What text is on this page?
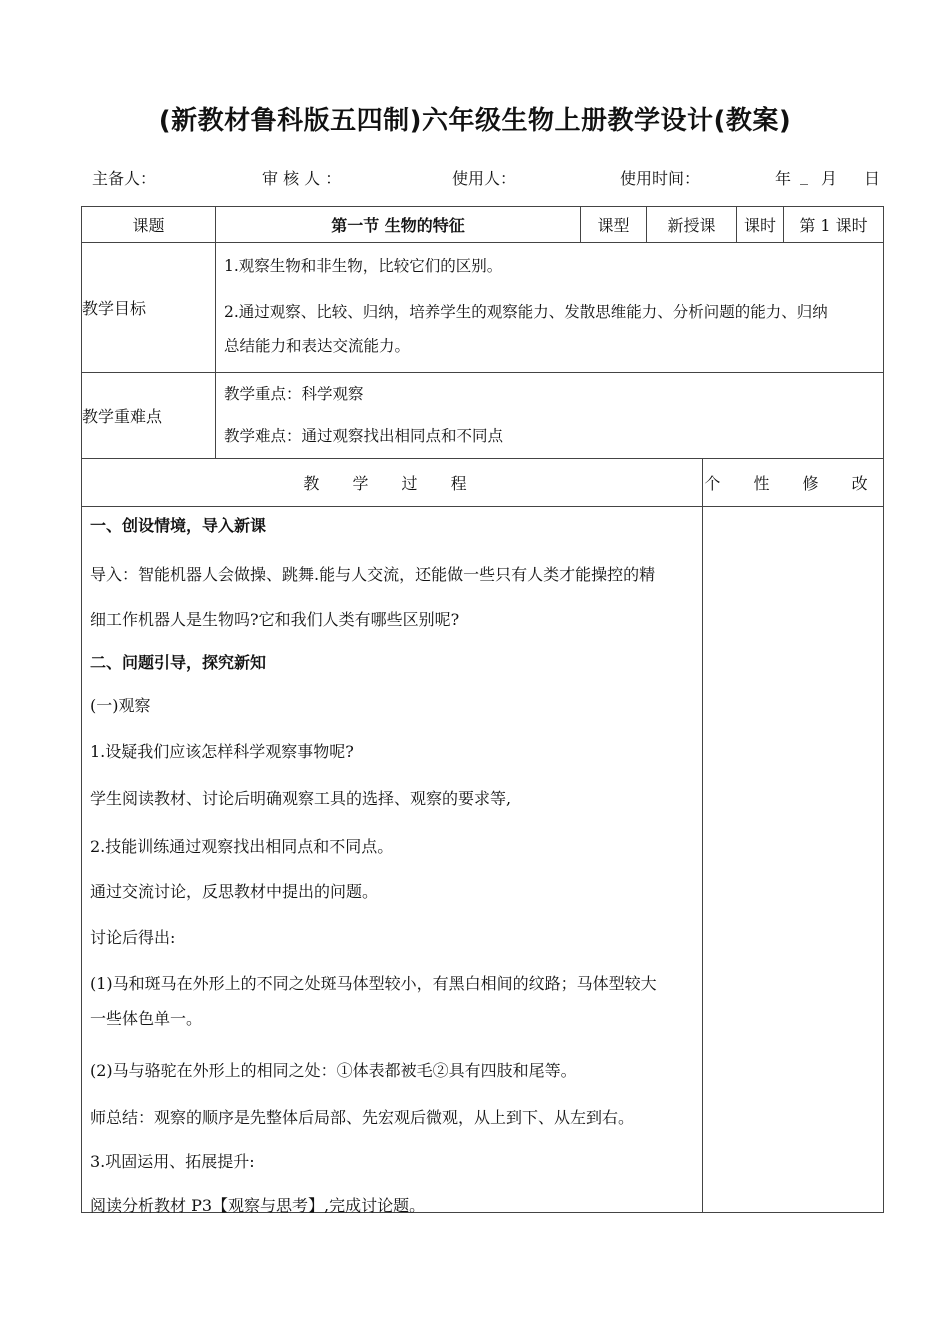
(新教材鲁科版五四制)六年级生物上册教学设计(教案)
主备人：	审 核 人 ：	使用人：	使用时间：	年 _ 月 日
课题	第一节 生物的特征	课型	新授课		课时	第 1 课时
教学目标	1.观察生物和非生物，比较它们的区别。
2.通过观察、比较、归纳，培养学生的观察能力、发散思维能力、分析问题的能力、归纳
总结能力和表达交流能力。					

教学重难点	教学重点：科学观察
教学难点：通过观察找出相同点和不同点					

教 学 过 程				个 性 修 改		

一、创设情境，导入新课
导入：智能机器人会做操、跳舞.能与人交流，还能做一些只有人类才能操控的精
细工作机器人是生物吗?它和我们人类有哪些区别呢?
二、问题引导，探究新知
(一)观察
1.设疑我们应该怎样科学观察事物呢?
学生阅读教材、讨论后明确观察工具的选择、观察的要求等,
2.技能训练通过观察找出相同点和不同点。
通过交流讨论，反思教材中提出的问题。
讨论后得出:
(1)马和斑马在外形上的不同之处斑马体型较小，有黑白相间的纹路；马体型较大
一些体色单一。
(2)马与骆驼在外形上的相同之处：①体表都被毛②具有四肢和尾等。
师总结：观察的顺序是先整体后局部、先宏观后微观，从上到下、从左到右。
3.巩固运用、拓展提升:
阅读分析教材 P3【观察与思考】,完成讨论题。
